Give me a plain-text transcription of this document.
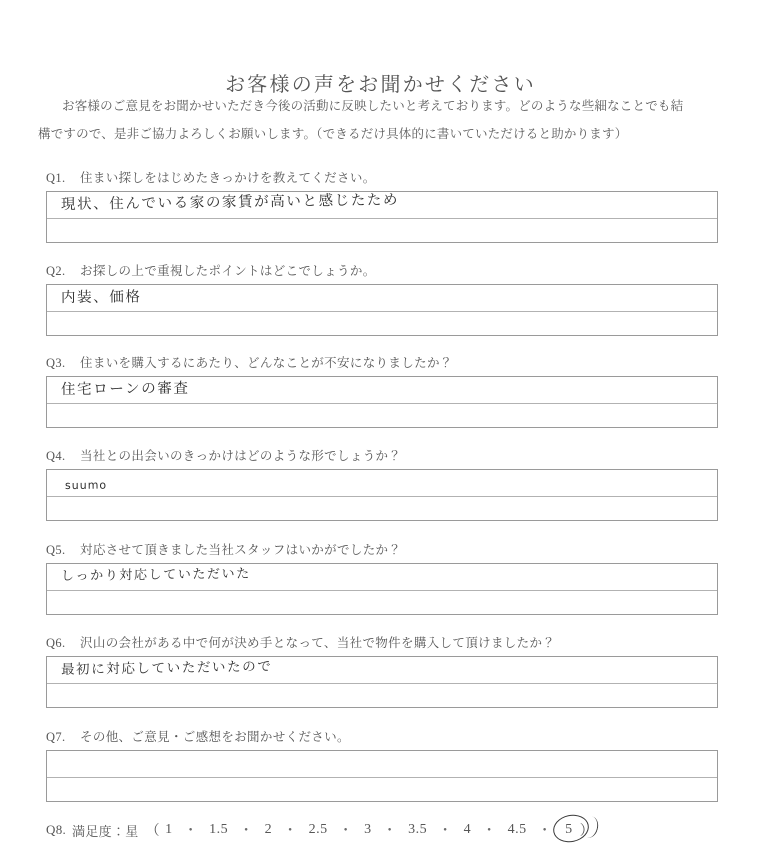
お客様の声をお聞かせください
お客様のご意見をお聞かせいただき今後の活動に反映したいと考えております。どのような些細なことでも結
構ですので、是非ご協力よろしくお願いします。（できるだけ具体的に書いていただけると助かります）
Q1. 住まい探しをはじめたきっかけを教えてください。
現状、住んでいる家の家賃が高いと感じたため
Q2. お探しの上で重視したポイントはどこでしょうか。
内装、価格
Q3. 住まいを購入するにあたり、どんなことが不安になりましたか？
住宅ローンの審査
Q4. 当社との出会いのきっかけはどのような形でしょうか？
suumo
Q5. 対応させて頂きました当社スタッフはいかがでしたか？
しっかり対応していただいた
Q6. 沢山の会社がある中で何が決め手となって、当社で物件を購入して頂けましたか？
最初に対応していただいたので
Q7. その他、ご意見・ご感想をお聞かせください。
Q8. 満足度：星 （ 1 ・ 1.5 ・ 2 ・ 2.5 ・ 3 ・ 3.5 ・ 4 ・ 4.5 ・ 5 ）
